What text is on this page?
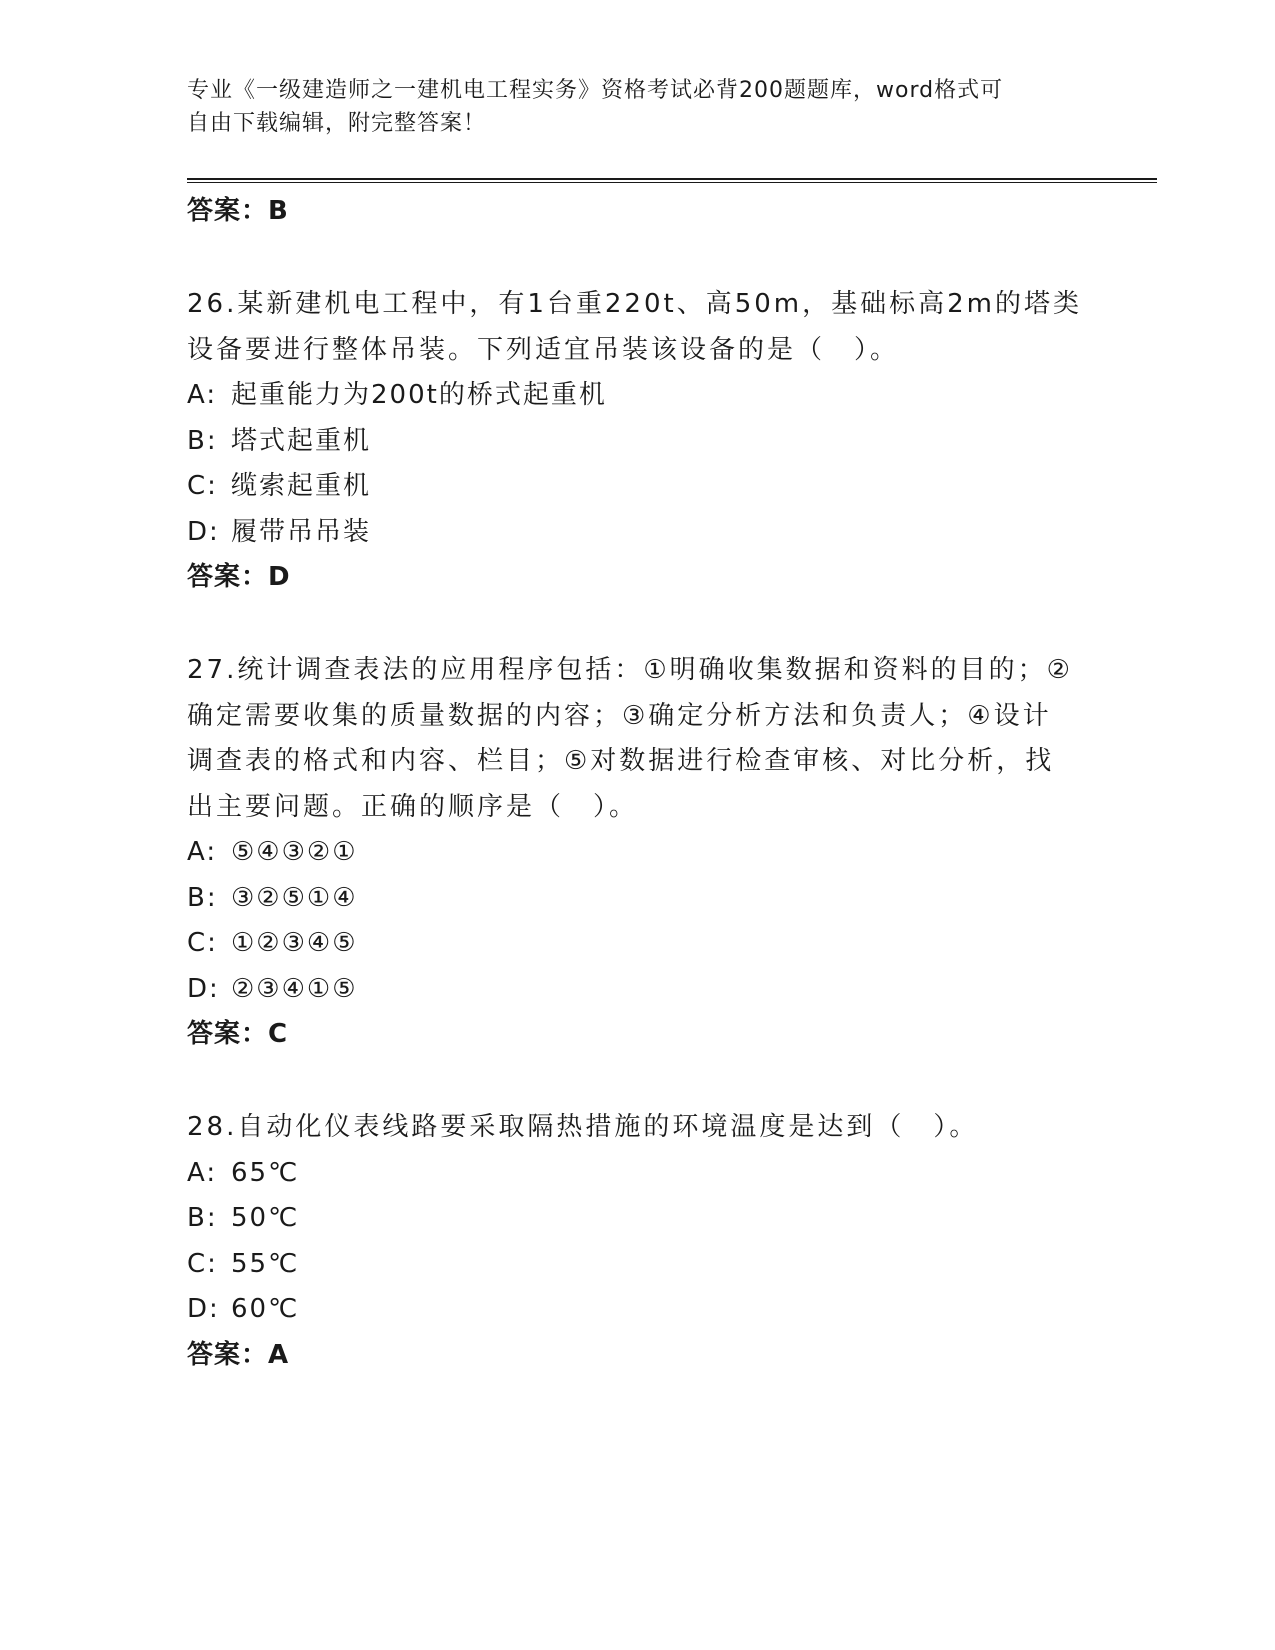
专业《一级建造师之一建机电工程实务》资格考试必背200题题库，word格式可
自由下载编辑，附完整答案！

答案：B

26.某新建机电工程中，有1台重220t、高50m，基础标高2m的塔类

设备要进行整体吊装。下列适宜吊装该设备的是（　）。

A: 起重能力为200t的桥式起重机

B: 塔式起重机

C: 缆索起重机

D: 履带吊吊装

答案：D

27.统计调查表法的应用程序包括：①明确收集数据和资料的目的；②

确定需要收集的质量数据的内容；③确定分析方法和负责人；④设计

调查表的格式和内容、栏目；⑤对数据进行检查审核、对比分析，找

出主要问题。正确的顺序是（　）。

A: ⑤④③②①

B: ③②⑤①④

C: ①②③④⑤

D: ②③④①⑤

答案：C

28.自动化仪表线路要采取隔热措施的环境温度是达到（　）。

A: 65℃

B: 50℃

C: 55℃

D: 60℃

答案：A
